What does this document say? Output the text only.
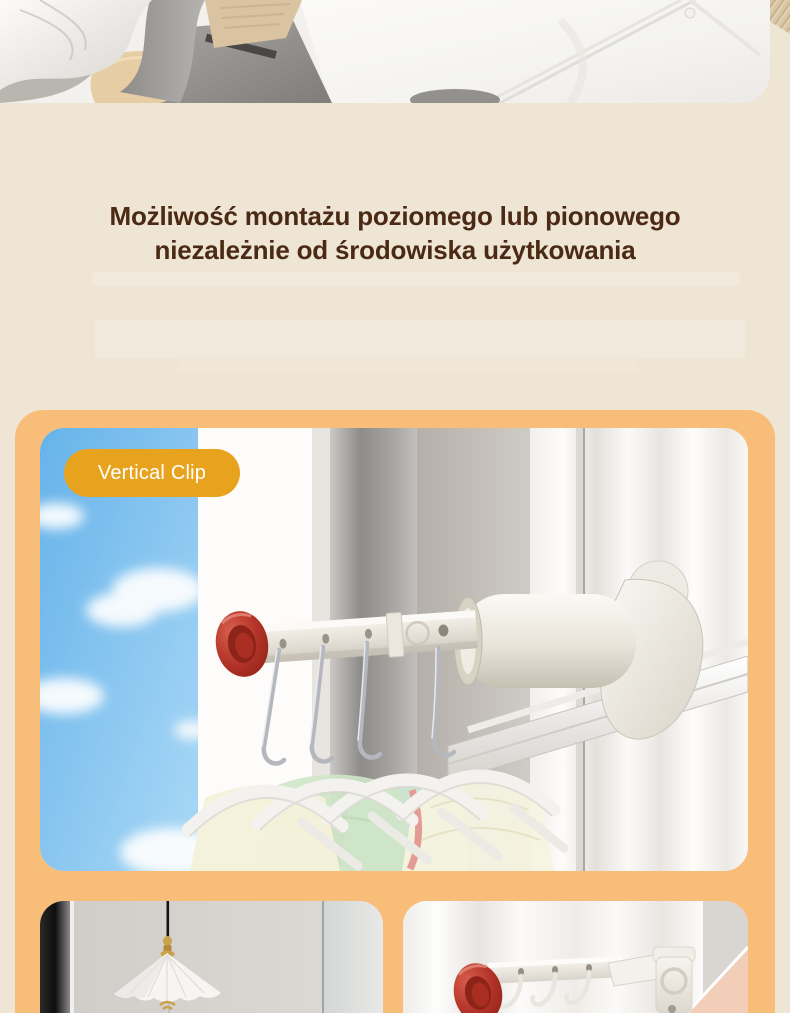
Możliwość montażu poziomego lub pionowego
niezależnie od środowiska użytkowania
Vertical Clip
